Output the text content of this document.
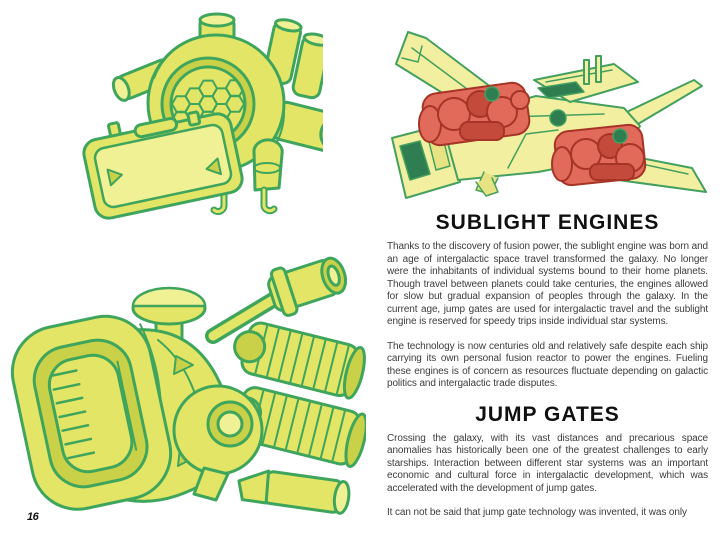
SUBLIGHT ENGINES

Thanks to the discovery of fusion power, the sublight engine was born and an age of intergalactic space travel transformed the galaxy. No longer were the inhabitants of individual systems bound to their home planets. Though travel between planets could take centuries, the engines allowed for slow but gradual expansion of peoples through the galaxy. In the current age, jump gates are used for intergalactic travel and the sublight engine is reserved for speedy trips inside individual star systems.

The technology is now centuries old and relatively safe despite each ship carrying its own personal fusion reactor to power the engines. Fueling these engines is of concern as resources fluctuate depending on galactic politics and intergalactic trade disputes.

JUMP GATES

Crossing the galaxy, with its vast distances and precarious space anomalies has historically been one of the greatest challenges to early starships. Interaction between different star systems was an important economic and cultural force in intergalactic development, which was accelerated with the development of jump gates.

It can not be said that jump gate technology was invented, it was only

16
